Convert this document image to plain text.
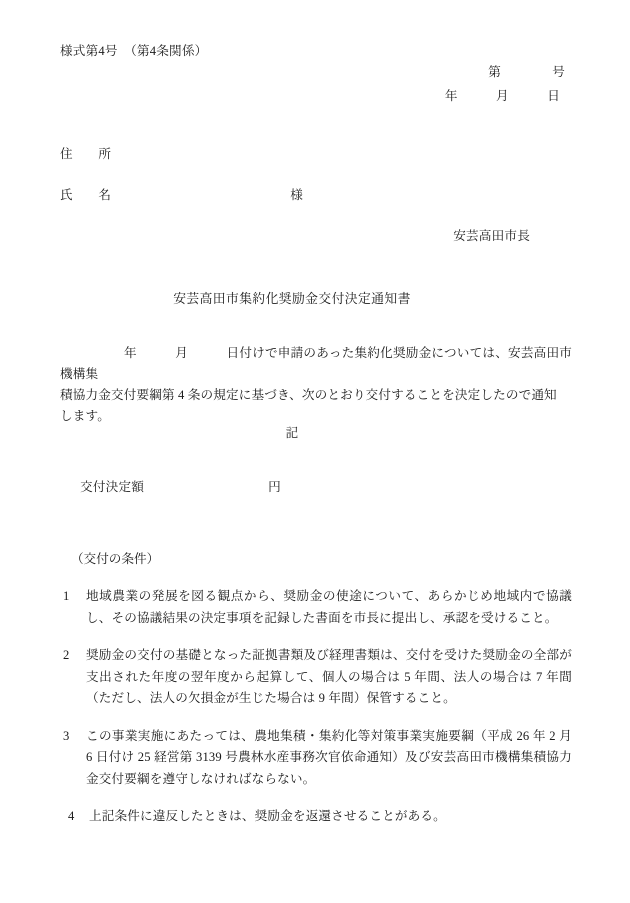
様式第4号　（第4条関係）
第　　　　号
年　　　月　　　日
住　　所
氏　　名　　　　　　　　　　　　　　様
安芸高田市長
安芸高田市集約化奨励金交付決定通知書
　　　　　年　　　月　　　日付けで申請のあった集約化奨励金については、安芸高田市機構集
積協力金交付要綱第 4 条の規定に基づき、次のとおり交付することを決定したので通知
します。
記

交付決定額	円

（交付の条件）
1 地域農業の発展を図る観点から、奨励金の使途について、あらかじめ地域内で協議し、その協議結果の決定事項を記録した書面を市長に提出し、承認を受けること。
2 奨励金の交付の基礎となった証拠書類及び経理書類は、交付を受けた奨励金の全部が支出された年度の翌年度から起算して、個人の場合は 5 年間、法人の場合は 7 年間（ただし、法人の欠損金が生じた場合は 9 年間）保管すること。
3 この事業実施にあたっては、農地集積・集約化等対策事業実施要綱（平成 26 年 2 月 6 日付け 25 経営第 3139 号農林水産事務次官依命通知）及び安芸高田市機構集積協力金交付要綱を遵守しなければならない。
4 上記条件に違反したときは、奨励金を返還させることがある。
